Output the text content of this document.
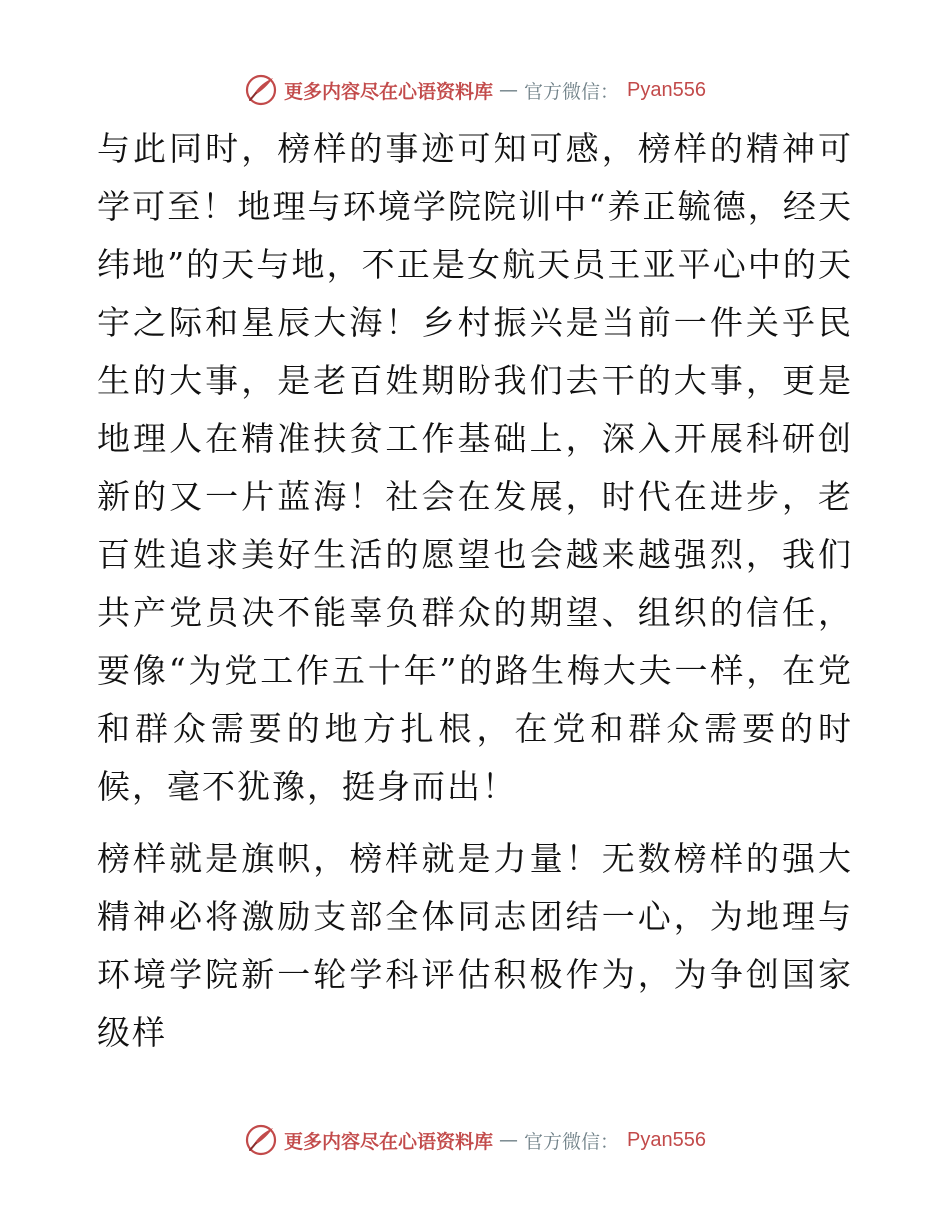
更多内容尽在心语资料库 — 官方微信： Pyan556

与此同时，榜样的事迹可知可感，榜样的精神可学可至！地理与环境学院院训中“养正毓德，经天纬地”的天与地，不正是女航天员王亚平心中的天宇之际和星辰大海！乡村振兴是当前一件关乎民生的大事，是老百姓期盼我们去干的大事，更是地理人在精准扶贫工作基础上，深入开展科研创新的又一片蓝海！社会在发展，时代在进步，老百姓追求美好生活的愿望也会越来越强烈，我们共产党员决不能辜负群众的期望、组织的信任，要像“为党工作五十年”的路生梅大夫一样，在党和群众需要的地方扎根，在党和群众需要的时候，毫不犹豫，挺身而出！

榜样就是旗帜，榜样就是力量！无数榜样的强大精神必将激励支部全体同志团结一心，为地理与环境学院新一轮学科评估积极作为，为争创国家级样

更多内容尽在心语资料库 — 官方微信： Pyan556
